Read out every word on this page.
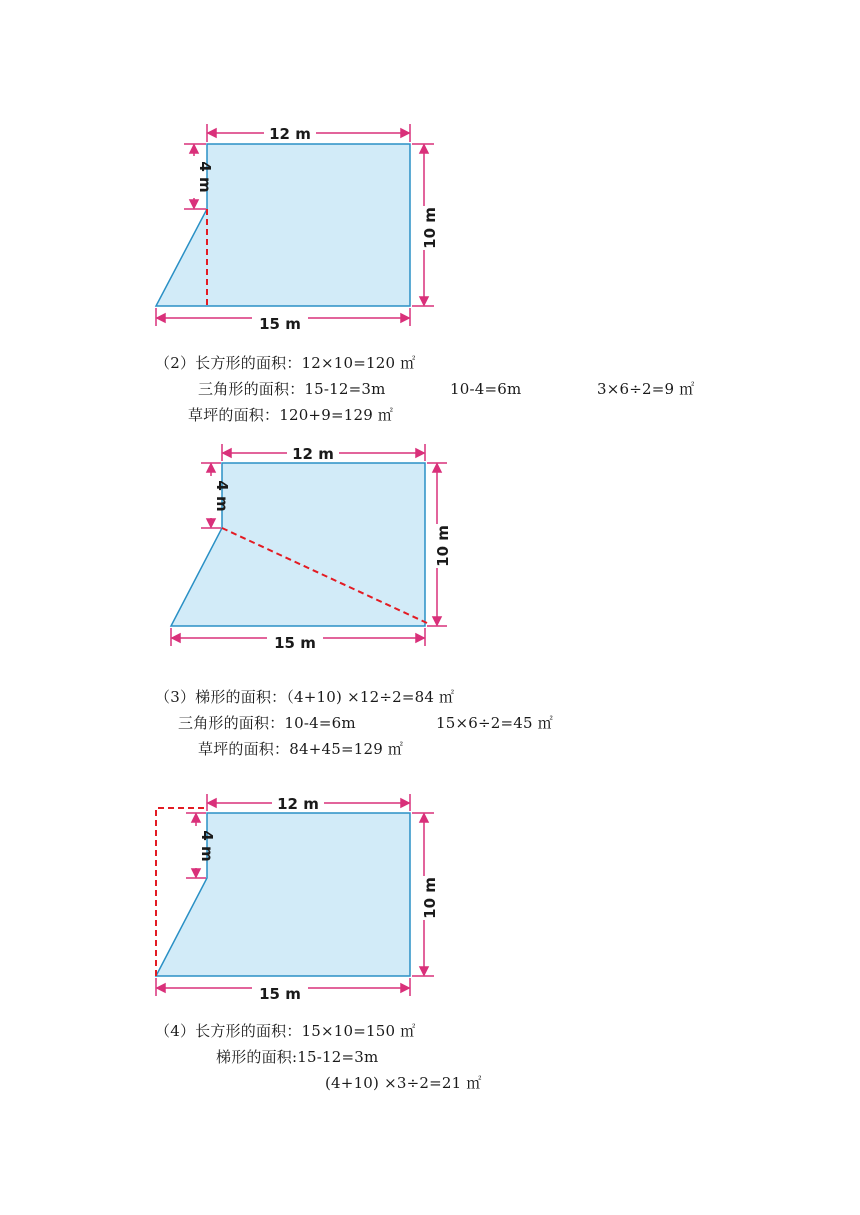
12 m
15 m
4 m
10 m
（2）长方形的面积：12×10=120 ㎡
三角形的面积：15-12=3m	10-4=6m	3×6÷2=9 ㎡
草坪的面积：120+9=129 ㎡
12 m
15 m
4 m
10 m
（3）梯形的面积：（4+10) ×12÷2=84 ㎡
三角形的面积：10-4=6m	15×6÷2=45 ㎡
草坪的面积：84+45=129 ㎡
12 m
15 m
4 m
10 m
（4）长方形的面积：15×10=150 ㎡
梯形的面积:15-12=3m
(4+10) ×3÷2=21 ㎡
